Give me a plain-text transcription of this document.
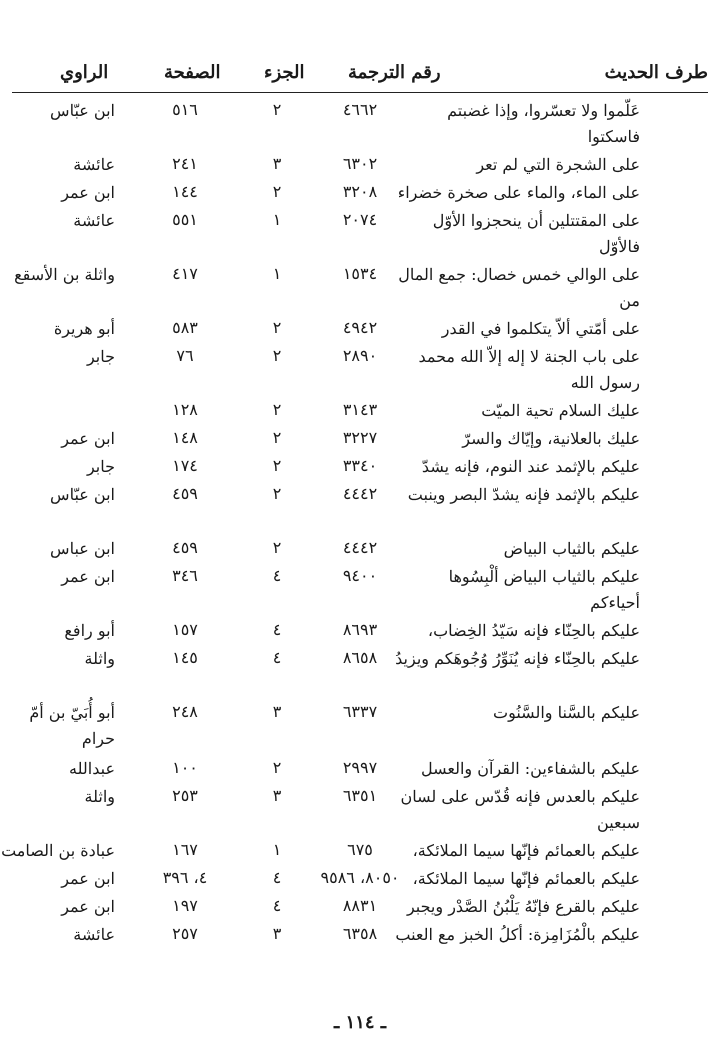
طرف الحديث
رقم الترجمة
الجزء
الصفحة
الراوي
عَلّموا ولا تعسّروا، وإذا غضبتم فاسكتوا
٤٦٦٢
٢
٥١٦
ابن عبّاس
على الشجرة التي لم تعر
٦٣٠٢
٣
٢٤١
عائشة
على الماء، والماء على صخرة خضراء
٣٢٠٨
٢
١٤٤
ابن عمر
على المقتتلين أن ينحجزوا الأوّل فالأوّل
٢٠٧٤
١
٥٥١
عائشة
على الوالي خمس خصال: جمع المال من
١٥٣٤
١
٤١٧
واثلة بن الأسقع
على أمّتي ألاّ يتكلموا في القدر
٤٩٤٢
٢
٥٨٣
أبو هريرة
على باب الجنة لا إله إلاّ الله محمد رسول الله
٢٨٩٠
٢
٧٦
جابر
عليك السلام تحية الميّت
٣١٤٣
٢
١٢٨
عليك بالعلانية، وإيّاك والسرّ
٣٢٢٧
٢
١٤٨
ابن عمر
عليكم بالإثمد عند النوم، فإنه يشدّ
٣٣٤٠
٢
١٧٤
جابر
عليكم بالإثمد فإنه يشدّ البصر وينبت
٤٤٤٢
٢
٤٥٩
ابن عبّاس
عليكم بالثياب البياض
٤٤٤٢
٢
٤٥٩
ابن عباس
عليكم بالثياب البياض ألْبِسُوها أحياءكم
٩٤٠٠
٤
٣٤٦
ابن عمر
عليكم بالحِنّاء فإنه سَيّدُ الخِضاب،
٨٦٩٣
٤
١٥٧
أبو رافع
عليكم بالحِنّاء فإنه يُنَوِّرُ وُجُوهَكم ويزيدُ
٨٦٥٨
٤
١٤٥
واثلة
عليكم بالسَّنا والسَّنُوت
٦٣٣٧
٣
٢٤٨
أبو أُبَيّ بن أمّ حرام
عليكم بالشفاءين: القرآن والعسل
٢٩٩٧
٢
١٠٠
عبدالله
عليكم بالعدس فإنه قُدّس على لسان سبعين
٦٣٥١
٣
٢٥٣
واثلة
عليكم بالعمائم فإنّها سيما الملائكة،
٦٧٥
١
١٦٧
عبادة بن الصامت
عليكم بالعمائم فإنّها سيما الملائكة،
٨٠٥٠، ٩٥٨٦
٤
٤، ٣٩٦
ابن عمر
عليكم بالقرع فإنّهُ يَلْبُنُ الصَّدْر ويجبر
٨٨٣١
٤
١٩٧
ابن عمر
عليكم بالْمُزَامِزة: أكلُ الخبز مع العنب
٦٣٥٨
٣
٢٥٧
عائشة
ـ ١١٤ ـ
